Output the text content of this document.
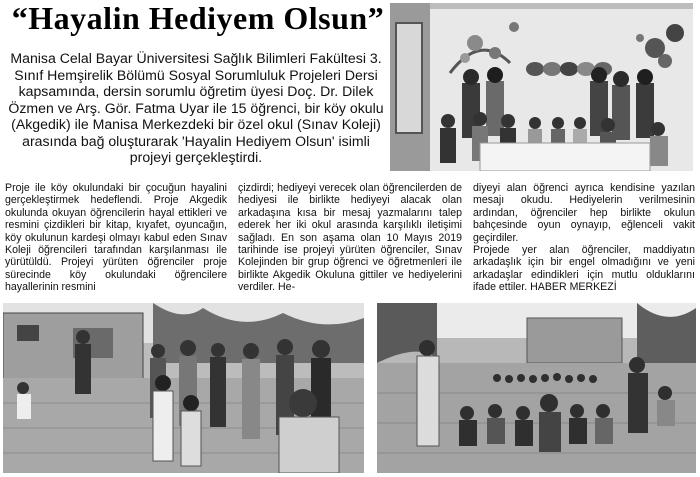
“Hayalin Hediyem Olsun”

Manisa Celal Bayar Üniversitesi Sağlık Bilimleri Fakültesi 3. Sınıf Hemşirelik Bölümü Sosyal Sorumluluk Projeleri Dersi kapsamında, dersin sorumlu öğretim üyesi Doç. Dr. Dilek Özmen ve Arş. Gör. Fatma Uyar ile 15 öğrenci, bir köy okulu (Akgedik) ile Manisa Merkezdeki bir özel okul (Sınav Koleji) arasında bağ oluşturarak 'Hayalin Hediyem Olsun' isimli projeyi gerçekleştirdi.

Proje ile köy okulundaki bir çocuğun hayalini gerçekleştirmek hedeflendi. Proje Akgedik okulunda okuyan öğrencilerin hayal ettikleri ve resmini çizdikleri bir kitap, kıyafet, oyuncağın, köy okulunun kardeşi olmayı kabul eden Sınav Koleji öğrencileri tarafından karşılanması ile yürütüldü. Projeyi yürüten öğrenciler proje sürecinde köy okulundaki öğrencilere hayallerinin resmini

çizdirdi; hediyeyi verecek olan öğrencilerden de hediyesi ile birlikte hediyeyi alacak olan arkadaşına kısa bir mesaj yazmalarını talep ederek her iki okul arasında karşılıklı iletişimi sağladı. En son aşama olan 10 Mayıs 2019 tarihinde ise projeyi yürüten öğrenciler, Sınav Kolejinden bir grup öğrenci ve öğretmenleri ile birlikte Akgedik Okuluna gittiler ve hediyelerini verdiler. He-

diyeyi alan öğrenci ayrıca kendisine yazılan mesajı okudu. Hediyelerin verilmesinin ardından, öğrenciler hep birlikte okulun bahçesinde oyun oynayıp, eğlenceli vakit geçirdiler.

Projede yer alan öğrenciler, maddiyatın arkadaşlık için bir engel olmadığını ve yeni arkadaşlar edindikleri için mutlu olduklarını ifade ettiler. HABER MERKEZİ
